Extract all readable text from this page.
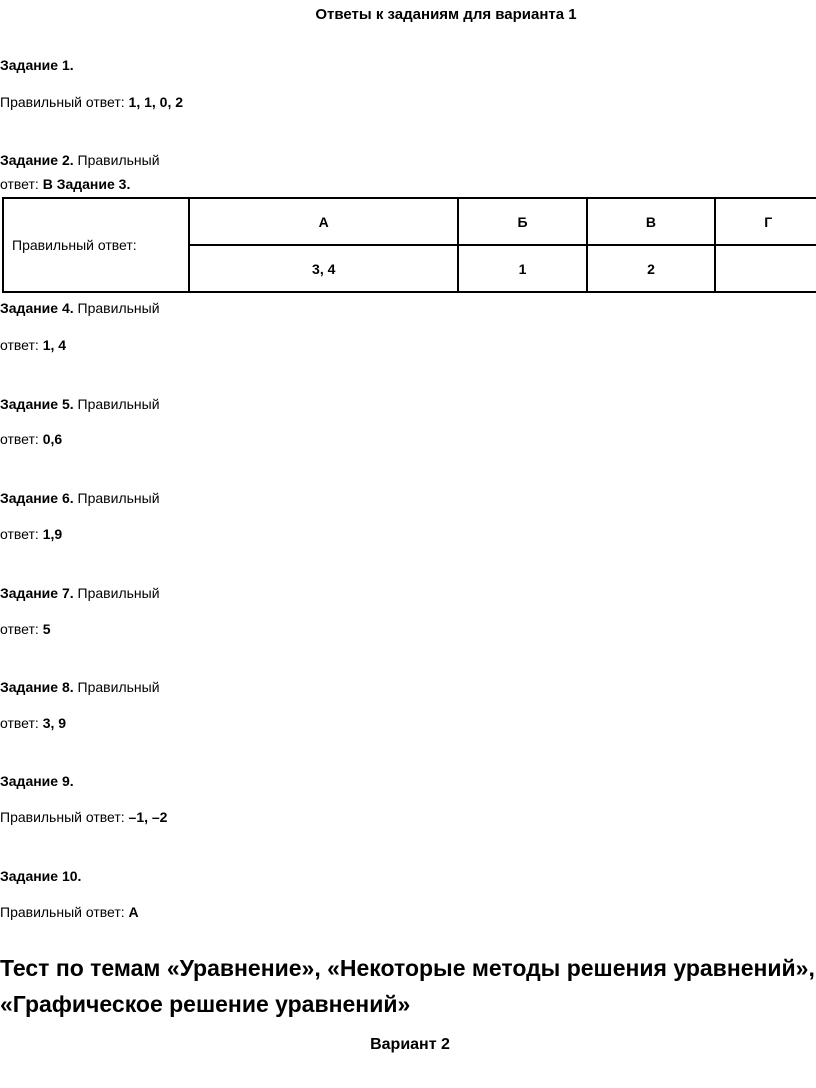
Ответы к заданиям для варианта 1
Задание 1.
Правильный ответ: 1, 1, 0, 2
Задание 2. Правильный
ответ: В Задание 3.
Правильный ответ:	А	Б	В	Г
	3, 4	1	2	
Задание 4. Правильный
ответ: 1, 4
Задание 5. Правильный
ответ: 0,6
Задание 6. Правильный
ответ: 1,9
Задание 7. Правильный
ответ: 5
Задание 8. Правильный
ответ: 3, 9
Задание 9.
Правильный ответ: –1, –2
Задание 10.
Правильный ответ: А
Тест по темам «Уравнение», «Некоторые методы решения уравнений», «Графическое решение уравнений»
Вариант 2
